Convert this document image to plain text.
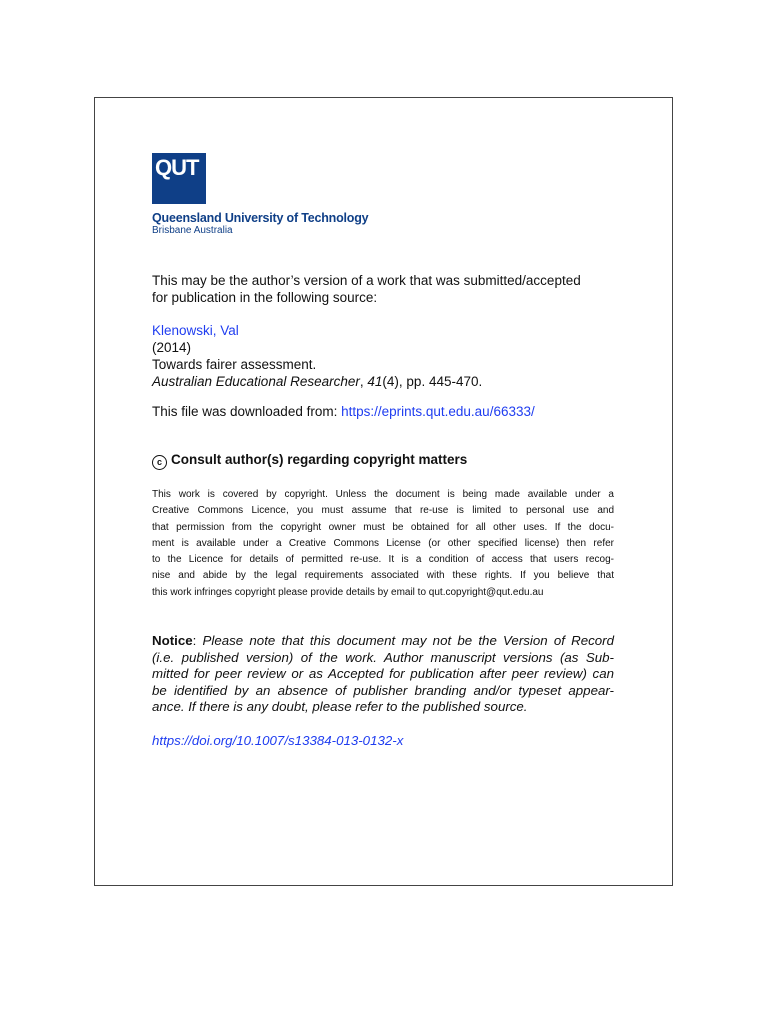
QUT
Queensland University of Technology
Brisbane Australia
This may be the author’s version of a work that was submitted/accepted
for publication in the following source:
Klenowski, Val
(2014)
Towards fairer assessment.
Australian Educational Researcher, 41(4), pp. 445-470.
This file was downloaded from: https://eprints.qut.edu.au/66333/
c Consult author(s) regarding copyright matters
This work is covered by copyright. Unless the document is being made available under a
Creative Commons Licence, you must assume that re-use is limited to personal use and
that permission from the copyright owner must be obtained for all other uses. If the docu-
ment is available under a Creative Commons License (or other specified license) then refer
to the Licence for details of permitted re-use. It is a condition of access that users recog-
nise and abide by the legal requirements associated with these rights. If you believe that
this work infringes copyright please provide details by email to qut.copyright@qut.edu.au
Notice: Please note that this document may not be the Version of Record
(i.e. published version) of the work. Author manuscript versions (as Sub-
mitted for peer review or as Accepted for publication after peer review) can
be identified by an absence of publisher branding and/or typeset appear-
ance. If there is any doubt, please refer to the published source.
https://doi.org/10.1007/s13384-013-0132-x
